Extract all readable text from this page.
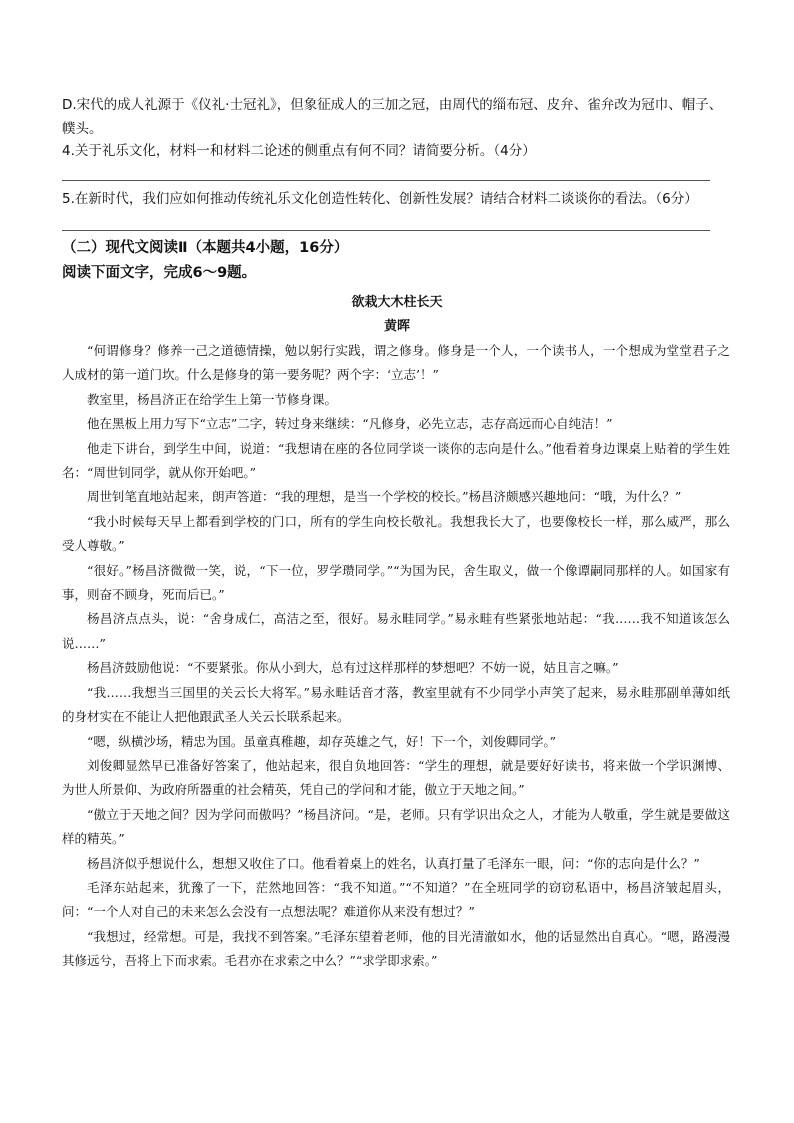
D.宋代的成人礼源于《仪礼·士冠礼》，但象征成人的三加之冠，由周代的缁布冠、皮弁、雀弁改为冠巾、帽子、幞头。

4.关于礼乐文化，材料一和材料二论述的侧重点有何不同？请简要分析。（4分）

5.在新时代，我们应如何推动传统礼乐文化创造性转化、创新性发展？请结合材料二谈谈你的看法。（6分）

（二）现代文阅读Ⅱ（本题共4小题，16分）

阅读下面文字，完成6～9题。

欲栽大木柱长天

黄晖

“何谓修身？修养一己之道德情操，勉以躬行实践，谓之修身。修身是一个人，一个读书人，一个想成为堂堂君子之人成材的第一道门坎。什么是修身的第一要务呢？两个字：‘立志’！”

教室里，杨昌济正在给学生上第一节修身课。

他在黑板上用力写下“立志”二字，转过身来继续：“凡修身，必先立志，志存高远而心自纯洁！”

他走下讲台，到学生中间，说道：“我想请在座的各位同学谈一谈你的志向是什么。”他看着身边课桌上贴着的学生姓名：“周世钊同学，就从你开始吧。”

周世钊笔直地站起来，朗声答道：“我的理想，是当一个学校的校长。”杨昌济颇感兴趣地问：“哦，为什么？”

“我小时候每天早上都看到学校的门口，所有的学生向校长敬礼。我想我长大了，也要像校长一样，那么威严，那么受人尊敬。”

“很好。”杨昌济微微一笑，说，“下一位，罗学瓒同学。”“为国为民，舍生取义，做一个像谭嗣同那样的人。如国家有事，则奋不顾身，死而后已。”

杨昌济点点头，说：“舍身成仁，高洁之至，很好。易永畦同学。”易永畦有些紧张地站起：“我……我不知道该怎么说……”

杨昌济鼓励他说：“不要紧张。你从小到大，总有过这样那样的梦想吧？不妨一说，姑且言之嘛。”

“我……我想当三国里的关云长大将军。”易永畦话音才落，教室里就有不少同学小声笑了起来，易永畦那副单薄如纸的身材实在不能让人把他跟武圣人关云长联系起来。

“嗯，纵横沙场，精忠为国。虽童真稚趣，却存英雄之气，好！下一个，刘俊卿同学。”

刘俊卿显然早已准备好答案了，他站起来，很自负地回答：“学生的理想，就是要好好读书，将来做一个学识渊博、为世人所景仰、为政府所器重的社会精英，凭自己的学问和才能，傲立于天地之间。”

“傲立于天地之间？因为学问而傲吗？”杨昌济问。“是，老师。只有学识出众之人，才能为人敬重，学生就是要做这样的精英。”

杨昌济似乎想说什么，想想又收住了口。他看着桌上的姓名，认真打量了毛泽东一眼，问：“你的志向是什么？”

毛泽东站起来，犹豫了一下，茫然地回答：“我不知道。”“不知道？”在全班同学的窃窃私语中，杨昌济皱起眉头，问：“一个人对自己的未来怎么会没有一点想法呢？难道你从来没有想过？”

“我想过，经常想。可是，我找不到答案。”毛泽东望着老师，他的目光清澈如水，他的话显然出自真心。“嗯，路漫漫其修远兮，吾将上下而求索。毛君亦在求索之中么？”“求学即求索。”
